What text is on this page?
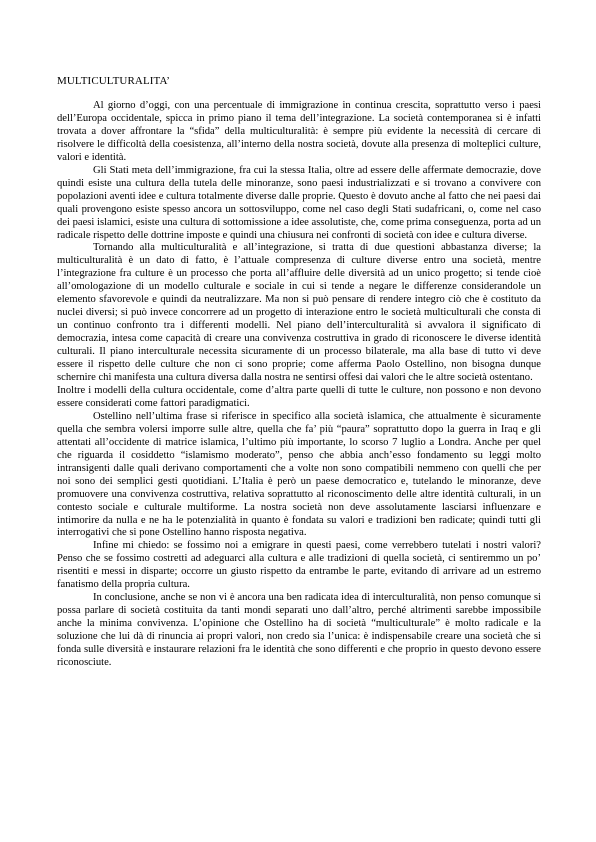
MULTICULTURALITA’

Al giorno d’oggi, con una percentuale di immigrazione in continua crescita, soprattutto verso i paesi dell’Europa occidentale, spicca in primo piano il tema dell’integrazione. La società contemporanea si è infatti trovata a dover affrontare la “sfida” della multiculturalità: è sempre più evidente la necessità di cercare di risolvere le difficoltà della coesistenza, all’interno della nostra società, dovute alla presenza di molteplici culture, valori e identità.

Gli Stati meta dell’immigrazione, fra cui la stessa Italia, oltre ad essere delle affermate democrazie, dove quindi esiste una cultura della tutela delle minoranze, sono paesi industrializzati e si trovano a convivere con popolazioni aventi idee e cultura totalmente diverse dalle proprie. Questo è dovuto anche al fatto che nei paesi dai quali provengono esiste spesso ancora un sottosviluppo, come nel caso degli Stati sudafricani, o, come nel caso dei paesi islamici, esiste una cultura di sottomissione a idee assolutiste, che, come prima conseguenza, porta ad un radicale rispetto delle dottrine imposte e quindi una chiusura nei confronti di società con idee e cultura diverse.

Tornando alla multiculturalità e all’integrazione, si tratta di due questioni abbastanza diverse; la multiculturalità è un dato di fatto, è l’attuale compresenza di culture diverse entro una società, mentre l’integrazione fra culture è un processo che porta all’affluire delle diversità ad un unico progetto; si tende cioè all’omologazione di un modello culturale e sociale in cui si tende a negare le differenze considerandole un elemento sfavorevole e quindi da neutralizzare. Ma non si può pensare di rendere integro ciò che è costituto da nuclei diversi; si può invece concorrere ad un progetto di interazione entro le società multiculturali che consta di un continuo confronto tra i differenti modelli. Nel piano dell’interculturalità si avvalora il significato di democrazia, intesa come capacità di creare una convivenza costruttiva in grado di riconoscere le diverse identità culturali. Il piano interculturale necessita sicuramente di un processo bilaterale, ma alla base di tutto vi deve essere il rispetto delle culture che non ci sono proprie; come afferma Paolo Ostellino, non bisogna dunque schernire chi manifesta una cultura diversa dalla nostra ne sentirsi offesi dai valori che le altre società ostentano.

Inoltre i modelli della cultura occidentale, come d’altra parte quelli di tutte le culture, non possono e non devono essere considerati come fattori paradigmatici.

Ostellino nell’ultima frase si riferisce in specifico alla società islamica, che attualmente è sicuramente quella che sembra volersi imporre sulle altre, quella che fa’ più “paura” soprattutto dopo la guerra in Iraq e gli attentati all’occidente di matrice islamica, l’ultimo più importante, lo scorso 7 luglio a Londra. Anche per quel che riguarda il cosiddetto “islamismo moderato”, penso che abbia anch’esso fondamento su leggi molto intransigenti dalle quali derivano comportamenti che a volte non sono compatibili nemmeno con quelli che per noi sono dei semplici gesti quotidiani. L’Italia è però un paese democratico e, tutelando le minoranze, deve promuovere una convivenza costruttiva, relativa soprattutto al riconoscimento delle altre identità culturali, in un contesto sociale e culturale multiforme. La nostra società non deve assolutamente lasciarsi influenzare e intimorire da nulla e ne ha le potenzialità in quanto è fondata su valori e tradizioni ben radicate; quindi tutti gli interrogativi che si pone Ostellino hanno risposta negativa.

Infine mi chiedo: se fossimo noi a emigrare in questi paesi, come verrebbero tutelati i nostri valori? Penso che se fossimo costretti ad adeguarci alla cultura e alle tradizioni di quella società, ci sentiremmo un po’ risentiti e messi in disparte; occorre un giusto rispetto da entrambe le parte, evitando di arrivare ad un estremo fanatismo della propria cultura.

In conclusione, anche se non vi è ancora una ben radicata idea di interculturalità, non penso comunque si possa parlare di società costituita da tanti mondi separati uno dall’altro, perché altrimenti sarebbe impossibile anche la minima convivenza. L’opinione che Ostellino ha di società “multiculturale” è molto radicale e la soluzione che lui dà di rinuncia ai propri valori, non credo sia l’unica: è indispensabile creare una società che si fonda sulle diversità e instaurare relazioni fra le identità che sono differenti e che proprio in questo devono essere riconosciute.
